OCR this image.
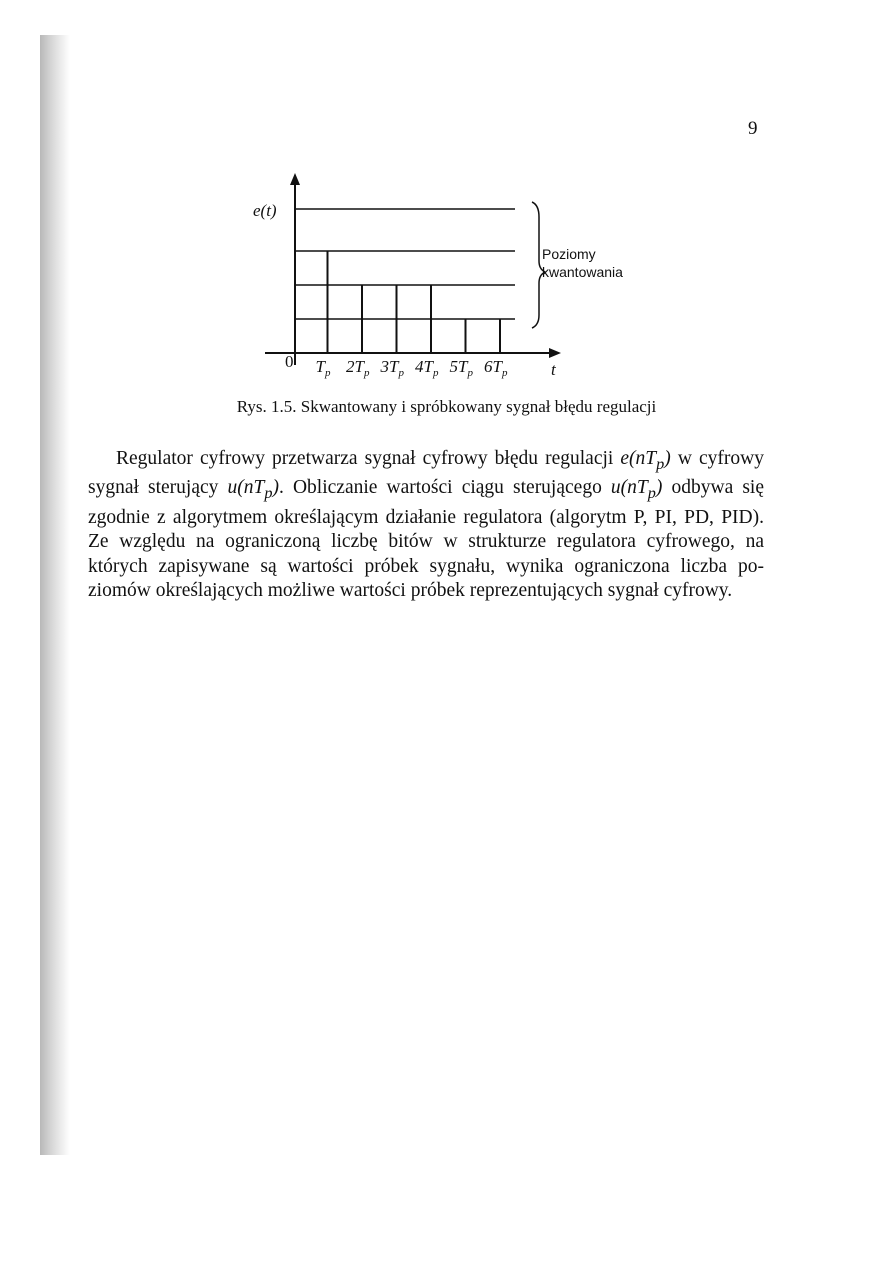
9
$T_p$ $2T_p$ $3T_p$ $4T_p$ $5T_p$ $6T_p$
e(t)
0	t
Poziomy
kwantowania
Rys. 1.5. Skwantowany i spróbkowany sygnał błędu regulacji
Regulator cyfrowy przetwarza sygnał cyfrowy błędu regulacji $e(nT_p)$ w cyfrowy sygnał sterujący $u(nT_p)$. Obliczanie wartości ciągu sterującego $u(nT_p)$ odbywa się zgodnie z algorytmem określającym działanie regulatora (algorytm P, PI, PD, PID). Ze względu na ograniczoną liczbę bitów w strukturze regulatora cyfrowego, na których zapisywane są wartości próbek sygnału, wynika ograniczona liczba poziomów określających możliwe wartości próbek reprezentujących sygnał cyfrowy.
